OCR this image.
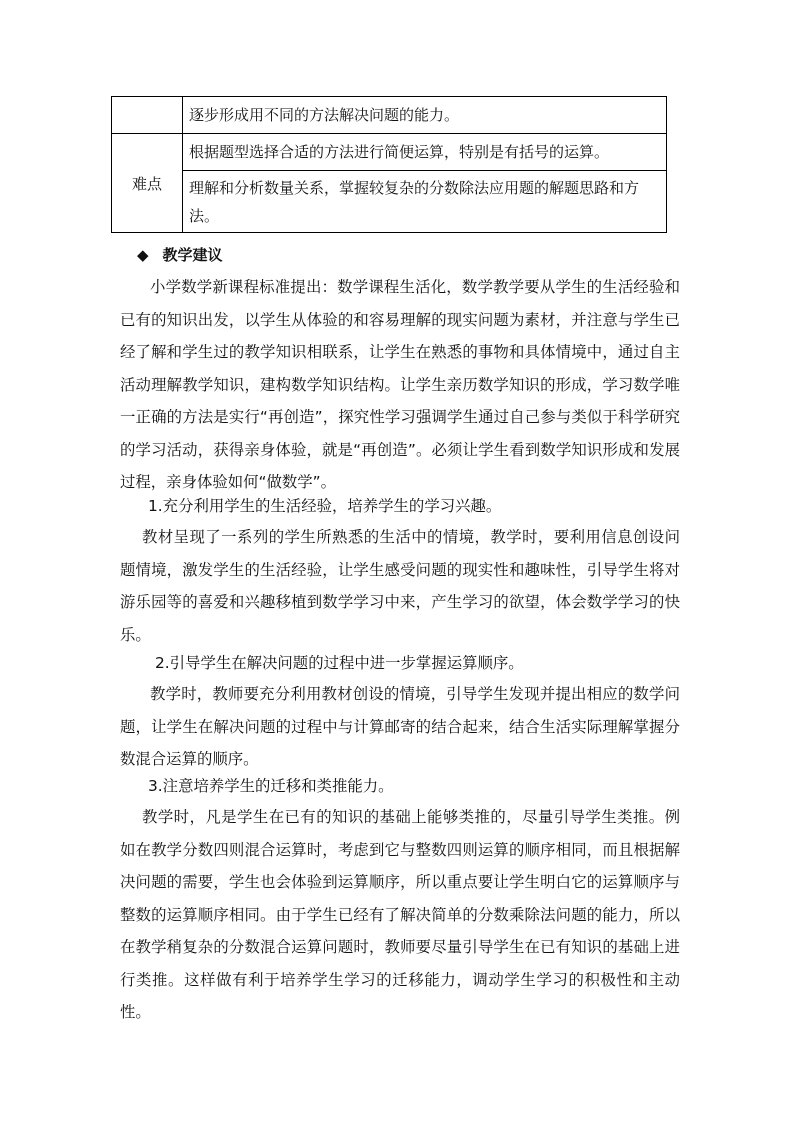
	逐步形成用不同的方法解决问题的能力。
难点	根据题型选择合适的方法进行简便运算，特别是有括号的运算。
	理解和分析数量关系，掌握较复杂的分数除法应用题的解题思路和方法。
◆ 教学建议

小学数学新课程标准提出：数学课程生活化，数学教学要从学生的生活经验和已有的知识出发，以学生从体验的和容易理解的现实问题为素材，并注意与学生已经了解和学生过的教学知识相联系，让学生在熟悉的事物和具体情境中，通过自主活动理解教学知识，建构数学知识结构。让学生亲历数学知识的形成，学习数学唯一正确的方法是实行“再创造”，探究性学习强调学生通过自己参与类似于科学研究的学习活动，获得亲身体验，就是“再创造”。必须让学生看到数学知识形成和发展过程，亲身体验如何“做数学”。

1.充分利用学生的生活经验，培养学生的学习兴趣。

教材呈现了一系列的学生所熟悉的生活中的情境，教学时，要利用信息创设问题情境，激发学生的生活经验，让学生感受问题的现实性和趣味性，引导学生将对游乐园等的喜爱和兴趣移植到数学学习中来，产生学习的欲望，体会数学学习的快乐。

2.引导学生在解决问题的过程中进一步掌握运算顺序。

教学时，教师要充分利用教材创设的情境，引导学生发现并提出相应的数学问题，让学生在解决问题的过程中与计算邮寄的结合起来，结合生活实际理解掌握分数混合运算的顺序。

3.注意培养学生的迁移和类推能力。

教学时，凡是学生在已有的知识的基础上能够类推的，尽量引导学生类推。例如在教学分数四则混合运算时，考虑到它与整数四则运算的顺序相同，而且根据解决问题的需要，学生也会体验到运算顺序，所以重点要让学生明白它的运算顺序与整数的运算顺序相同。由于学生已经有了解决简单的分数乘除法问题的能力，所以在教学稍复杂的分数混合运算问题时，教师要尽量引导学生在已有知识的基础上进行类推。这样做有利于培养学生学习的迁移能力，调动学生学习的积极性和主动性。
